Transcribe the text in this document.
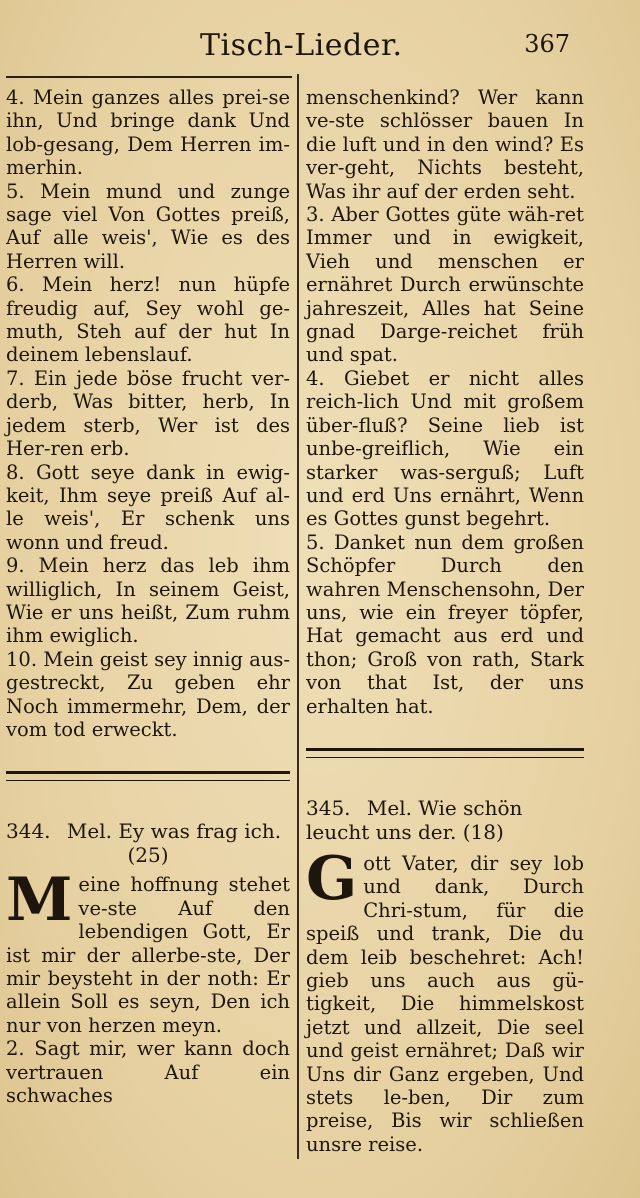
Tisch-Lieder.	367

4. Mein ganzes alles prei-se ihn, Und bringe dank Und lob-gesang, Dem Herren im-merhin.

5. Mein mund und zunge sage viel Von Gottes preiß, Auf alle weis', Wie es des Herren will.

6. Mein herz! nun hüpfe freudig auf, Sey wohl ge-muth, Steh auf der hut In deinem lebenslauf.

7. Ein jede böse frucht ver-derb, Was bitter, herb, In jedem sterb, Wer ist des Her-ren erb.

8. Gott seye dank in ewig-keit, Ihm seye preiß Auf al-le weis', Er schenk uns wonn und freud.

9. Mein herz das leb ihm williglich, In seinem Geist, Wie er uns heißt, Zum ruhm ihm ewiglich.

10. Mein geist sey innig aus-gestreckt, Zu geben ehr Noch immermehr, Dem, der vom tod erweckt.

344. Mel. Ey was frag ich.
(25)

Meine hoffnung stehet ve-ste Auf den lebendigen Gott, Er ist mir der allerbe-ste, Der mir beysteht in der noth: Er allein Soll es seyn, Den ich nur von herzen meyn.

2. Sagt mir, wer kann doch vertrauen Auf ein schwaches

menschenkind? Wer kann ve-ste schlösser bauen In die luft und in den wind? Es ver-geht, Nichts besteht, Was ihr auf der erden seht.

3. Aber Gottes güte wäh-ret Immer und in ewigkeit, Vieh und menschen er ernähret Durch erwünschte jahreszeit, Alles hat Seine gnad Darge-reichet früh und spat.

4. Giebet er nicht alles reich-lich Und mit großem über-fluß? Seine lieb ist unbe-greiflich, Wie ein starker was-serguß; Luft und erd Uns ernährt, Wenn es Gottes gunst begehrt.

5. Danket nun dem großen Schöpfer Durch den wahren Menschensohn, Der uns, wie ein freyer töpfer, Hat gemacht aus erd und thon; Groß von rath, Stark von that Ist, der uns erhalten hat.

345. Mel. Wie schön leucht uns der. (18)

Gott Vater, dir sey lob und dank, Durch Chri-stum, für die speiß und trank, Die du dem leib beschehret: Ach! gieb uns auch aus gü-tigkeit, Die himmelskost jetzt und allzeit, Die seel und geist ernähret; Daß wir Uns dir Ganz ergeben, Und stets le-ben, Dir zum preise, Bis wir schließen unsre reise.
